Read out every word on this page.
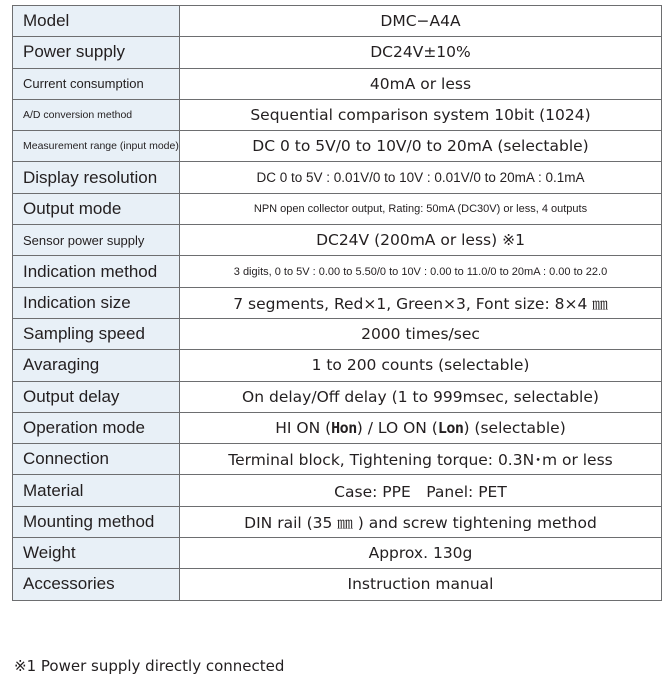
Model	DMC−A4A
Power supply	DC24V±10%
Current consumption	40mA or less
A/D conversion method	Sequential comparison system 10bit (1024)
Measurement range (input mode)	DC 0 to 5V/0 to 10V/0 to 20mA (selectable)
Display resolution	DC 0 to 5V : 0.01V/0 to 10V : 0.01V/0 to 20mA : 0.1mA
Output mode	NPN open collector output, Rating: 50mA (DC30V) or less, 4 outputs
Sensor power supply	DC24V (200mA or less) ※1
Indication method	3 digits, 0 to 5V : 0.00 to 5.50/0 to 10V : 0.00 to 11.0/0 to 20mA : 0.00 to 22.0
Indication size	7 segments, Red×1, Green×3, Font size: 8×4 ㎜
Sampling speed	2000 times/sec
Avaraging	1 to 200 counts (selectable)
Output delay	On delay/Off delay (1 to 999msec, selectable)
Operation mode	HI ON (Hon) / LO ON (Lon) (selectable)
Connection	Terminal block, Tightening torque: 0.3N･m or less
Material	Case: PPE　Panel: PET
Mounting method	DIN rail (35 ㎜ ) and screw tightening method
Weight	Approx. 130g
Accessories	Instruction manual
※1 Power supply directly connected
